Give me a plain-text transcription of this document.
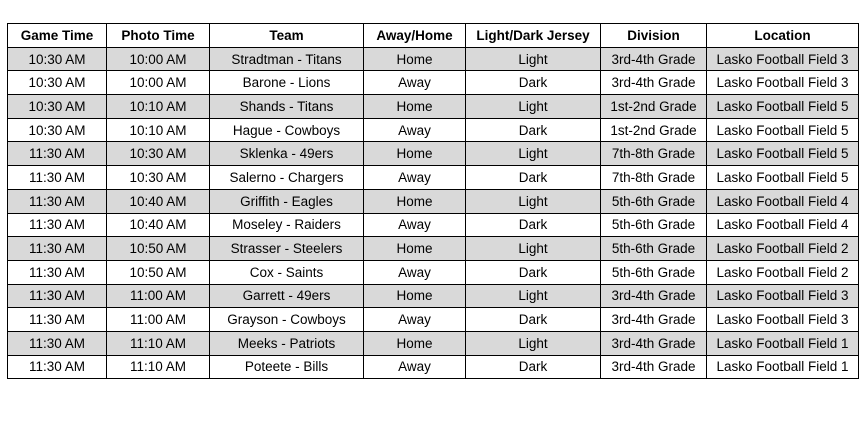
Game Time	Photo Time	Team	Away/Home	Light/Dark Jersey	Division	Location
10:30 AM	10:00 AM	Stradtman - Titans	Home	Light	3rd-4th Grade	Lasko Football Field 3
10:30 AM	10:00 AM	Barone - Lions	Away	Dark	3rd-4th Grade	Lasko Football Field 3
10:30 AM	10:10 AM	Shands - Titans	Home	Light	1st-2nd Grade	Lasko Football Field 5
10:30 AM	10:10 AM	Hague - Cowboys	Away	Dark	1st-2nd Grade	Lasko Football Field 5
11:30 AM	10:30 AM	Sklenka - 49ers	Home	Light	7th-8th Grade	Lasko Football Field 5
11:30 AM	10:30 AM	Salerno - Chargers	Away	Dark	7th-8th Grade	Lasko Football Field 5
11:30 AM	10:40 AM	Griffith - Eagles	Home	Light	5th-6th Grade	Lasko Football Field 4
11:30 AM	10:40 AM	Moseley - Raiders	Away	Dark	5th-6th Grade	Lasko Football Field 4
11:30 AM	10:50 AM	Strasser - Steelers	Home	Light	5th-6th Grade	Lasko Football Field 2
11:30 AM	10:50 AM	Cox - Saints	Away	Dark	5th-6th Grade	Lasko Football Field 2
11:30 AM	11:00 AM	Garrett - 49ers	Home	Light	3rd-4th Grade	Lasko Football Field 3
11:30 AM	11:00 AM	Grayson - Cowboys	Away	Dark	3rd-4th Grade	Lasko Football Field 3
11:30 AM	11:10 AM	Meeks - Patriots	Home	Light	3rd-4th Grade	Lasko Football Field 1
11:30 AM	11:10 AM	Poteete - Bills	Away	Dark	3rd-4th Grade	Lasko Football Field 1
